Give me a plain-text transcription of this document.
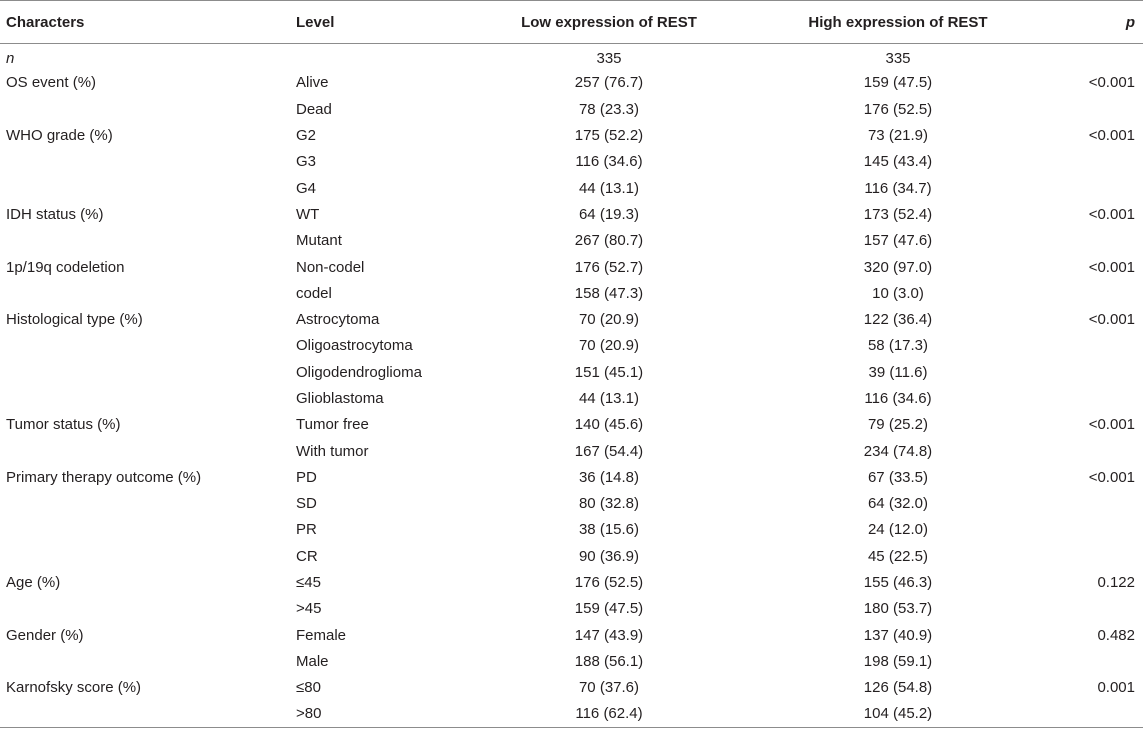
Characters	Level	Low expression of REST	High expression of REST	p
n		335	335	
OS event (%)	Alive	257 (76.7)	159 (47.5)	<0.001
	Dead	78 (23.3)	176 (52.5)	
WHO grade (%)	G2	175 (52.2)	73 (21.9)	<0.001
	G3	116 (34.6)	145 (43.4)	
	G4	44 (13.1)	116 (34.7)	
IDH status (%)	WT	64 (19.3)	173 (52.4)	<0.001
	Mutant	267 (80.7)	157 (47.6)	
1p/19q codeletion	Non-codel	176 (52.7)	320 (97.0)	<0.001
	codel	158 (47.3)	10 (3.0)	
Histological type (%)	Astrocytoma	70 (20.9)	122 (36.4)	<0.001
	Oligoastrocytoma	70 (20.9)	58 (17.3)	
	Oligodendroglioma	151 (45.1)	39 (11.6)	
	Glioblastoma	44 (13.1)	116 (34.6)	
Tumor status (%)	Tumor free	140 (45.6)	79 (25.2)	<0.001
	With tumor	167 (54.4)	234 (74.8)	
Primary therapy outcome (%)	PD	36 (14.8)	67 (33.5)	<0.001
	SD	80 (32.8)	64 (32.0)	
	PR	38 (15.6)	24 (12.0)	
	CR	90 (36.9)	45 (22.5)	
Age (%)	≤45	176 (52.5)	155 (46.3)	0.122
	>45	159 (47.5)	180 (53.7)	
Gender (%)	Female	147 (43.9)	137 (40.9)	0.482
	Male	188 (56.1)	198 (59.1)	
Karnofsky score (%)	≤80	70 (37.6)	126 (54.8)	0.001
	>80	116 (62.4)	104 (45.2)	
